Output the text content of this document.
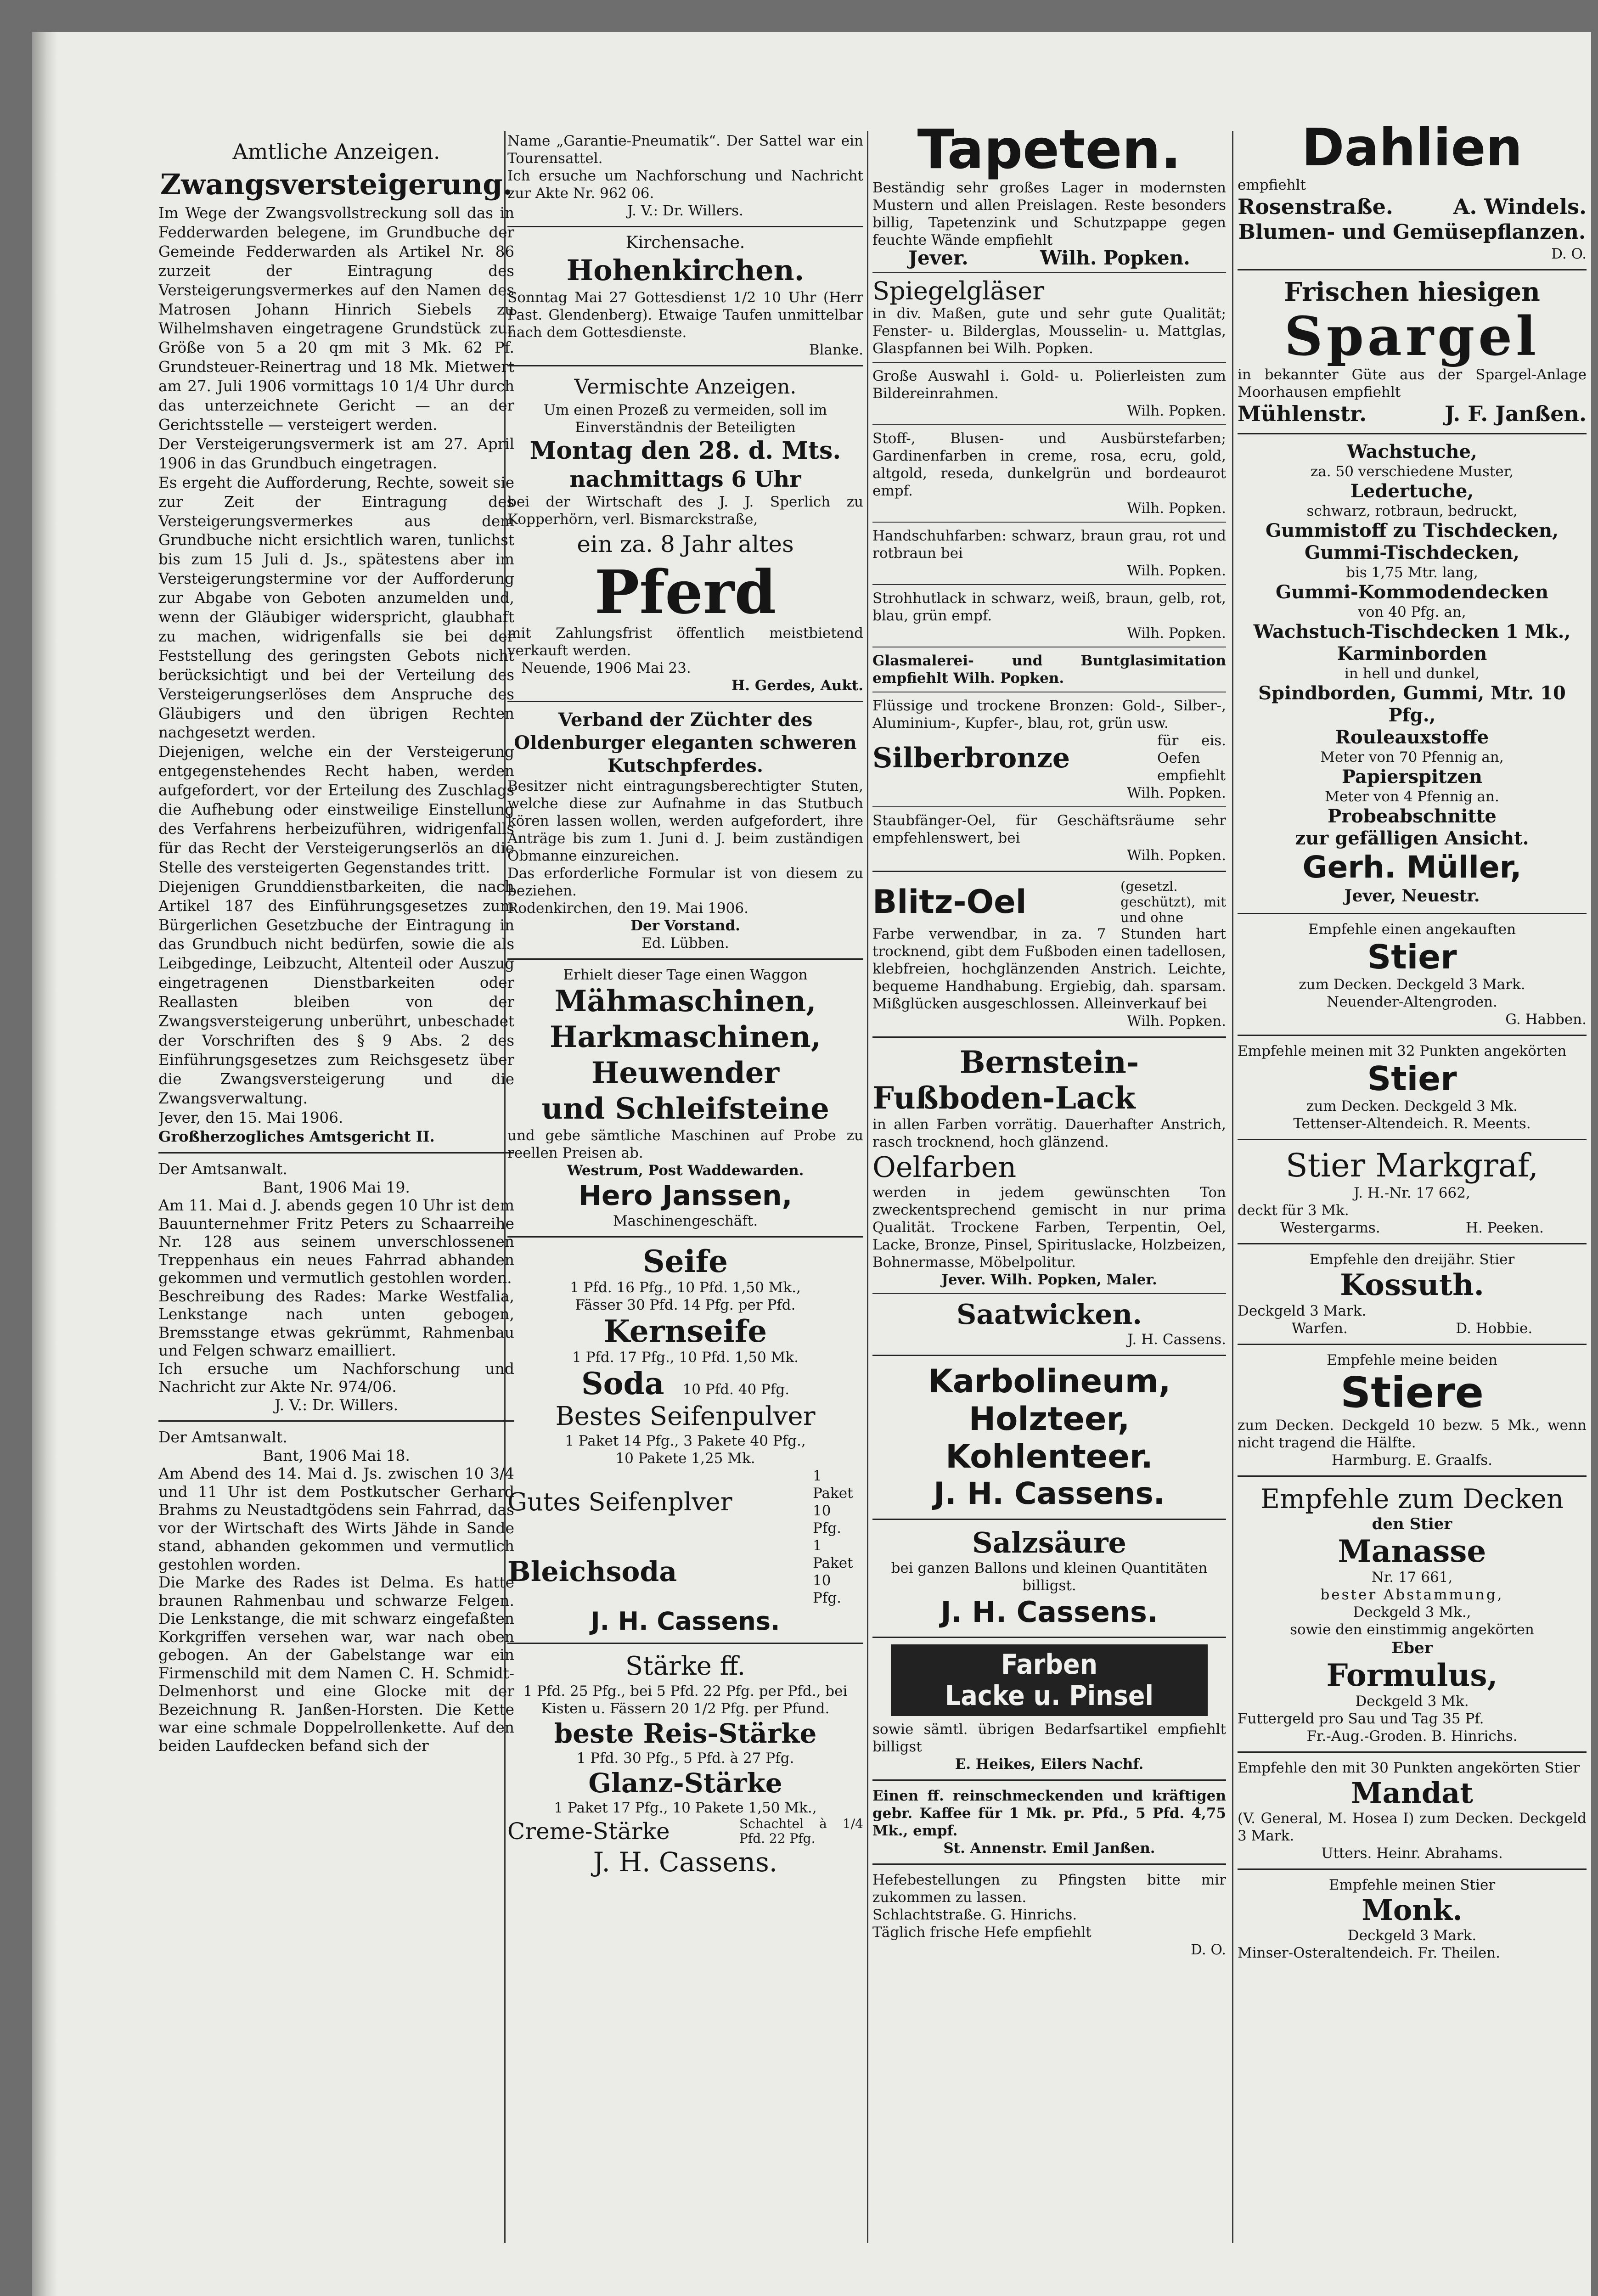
Amtliche Anzeigen.
Zwangsversteigerung.
Im Wege der Zwangsvollstreckung soll das in Fedderwarden belegene, im Grundbuche der Gemeinde Fedderwarden als Artikel Nr. 86 zurzeit der Eintragung des Versteigerungsvermerkes auf den Namen des Matrosen Johann Hinrich Siebels zu Wilhelmshaven eingetragene Grundstück zur Größe von 5 a 20 qm mit 3 Mk. 62 Pf. Grundsteuer-Reinertrag und 18 Mk. Mietwert am 27. Juli 1906 vormittags 10 1/4 Uhr durch das unterzeichnete Gericht — an der Gerichtsstelle — versteigert werden.
Der Versteigerungsvermerk ist am 27. April 1906 in das Grundbuch eingetragen.
Es ergeht die Aufforderung, Rechte, soweit sie zur Zeit der Eintragung des Versteigerungsvermerkes aus dem Grundbuche nicht ersichtlich waren, tunlichst bis zum 15 Juli d. Js., spätestens aber im Versteigerungstermine vor der Aufforderung zur Abgabe von Geboten anzumelden und, wenn der Gläubiger widerspricht, glaubhaft zu machen, widrigenfalls sie bei der Feststellung des geringsten Gebots nicht berücksichtigt und bei der Verteilung des Versteigerungserlöses dem Anspruche des Gläubigers und den übrigen Rechten nachgesetzt werden.
Diejenigen, welche ein der Versteigerung entgegenstehendes Recht haben, werden aufgefordert, vor der Erteilung des Zuschlags die Aufhebung oder einstweilige Einstellung des Verfahrens herbeizuführen, widrigenfalls für das Recht der Versteigerungserlös an die Stelle des versteigerten Gegenstandes tritt.
Diejenigen Grunddienstbarkeiten, die nach Artikel 187 des Einführungsgesetzes zum Bürgerlichen Gesetzbuche der Eintragung in das Grundbuch nicht bedürfen, sowie die als Leibgedinge, Leibzucht, Altenteil oder Auszug eingetragenen Dienstbarkeiten oder Reallasten bleiben von der Zwangsversteigerung unberührt, unbeschadet der Vorschriften des § 9 Abs. 2 des Einführungsgesetzes zum Reichsgesetz über die Zwangsversteigerung und die Zwangsverwaltung.
Jever, den 15. Mai 1906.
Großherzogliches Amtsgericht II.
Der Amtsanwalt.
Bant, 1906 Mai 19.
Am 11. Mai d. J. abends gegen 10 Uhr ist dem Bauunternehmer Fritz Peters zu Schaarreihe Nr. 128 aus seinem unverschlossenen Treppenhaus ein neues Fahrrad abhanden gekommen und vermutlich gestohlen worden.
Beschreibung des Rades: Marke Westfalia, Lenkstange nach unten gebogen, Bremsstange etwas gekrümmt, Rahmenbau und Felgen schwarz emailliert.
Ich ersuche um Nachforschung und Nachricht zur Akte Nr. 974/06.
J. V.: Dr. Willers.
Der Amtsanwalt.
Bant, 1906 Mai 18.
Am Abend des 14. Mai d. Js. zwischen 10 3/4 und 11 Uhr ist dem Postkutscher Gerhard Brahms zu Neustadtgödens sein Fahrrad, das vor der Wirtschaft des Wirts Jähde in Sande stand, abhanden gekommen und vermutlich gestohlen worden.
Die Marke des Rades ist Delma. Es hatte braunen Rahmenbau und schwarze Felgen. Die Lenkstange, die mit schwarz eingefaßten Korkgriffen versehen war, war nach oben gebogen. An der Gabelstange war ein Firmenschild mit dem Namen C. H. Schmidt-Delmenhorst und eine Glocke mit der Bezeichnung R. Janßen-Horsten. Die Kette war eine schmale Doppelrollenkette. Auf den beiden Laufdecken befand sich der
Name „Garantie-Pneumatik“. Der Sattel war ein Tourensattel.
Ich ersuche um Nachforschung und Nachricht zur Akte Nr. 962 06.
J. V.: Dr. Willers.
Kirchensache.
Hohenkirchen.
Sonntag Mai 27 Gottesdienst 1/2 10 Uhr (Herr Past. Glendenberg). Etwaige Taufen unmittelbar nach dem Gottesdienste.
Blanke.
Vermischte Anzeigen.
Um einen Prozeß zu vermeiden, soll im Einverständnis der Beteiligten
Montag den 28. d. Mts.
nachmittags 6 Uhr
bei der Wirtschaft des J. J. Sperlich zu Kopperhörn, verl. Bismarckstraße,
ein za. 8 Jahr altes
Pferd
mit Zahlungsfrist öffentlich meistbietend verkauft werden.
Neuende, 1906 Mai 23.
H. Gerdes, Aukt.
Verband der Züchter des Oldenburger eleganten schweren Kutschpferdes.
Besitzer nicht eintragungsberechtigter Stuten, welche diese zur Aufnahme in das Stutbuch kören lassen wollen, werden aufgefordert, ihre Anträge bis zum 1. Juni d. J. beim zuständigen Obmanne einzureichen.
Das erforderliche Formular ist von diesem zu beziehen.
Rodenkirchen, den 19. Mai 1906.
Der Vorstand.
Ed. Lübben.
Erhielt dieser Tage einen Waggon
Mähmaschinen,
Harkmaschinen,
Heuwender
und Schleifsteine
und gebe sämtliche Maschinen auf Probe zu reellen Preisen ab.
Westrum, Post Waddewarden.
Hero Janssen,
Maschinengeschäft.
Seife
1 Pfd. 16 Pfg., 10 Pfd. 1,50 Mk.,
Fässer 30 Pfd. 14 Pfg. per Pfd.
Kernseife
1 Pfd. 17 Pfg., 10 Pfd. 1,50 Mk.
Soda 10 Pfd. 40 Pfg.
Bestes Seifenpulver
1 Paket 14 Pfg., 3 Pakete 40 Pfg.,
10 Pakete 1,25 Mk.
Gutes Seifenplver
1 Paket 10 Pfg.
Bleichsoda
1 Paket 10 Pfg.
J. H. Cassens.
Stärke ff.
1 Pfd. 25 Pfg., bei 5 Pfd. 22 Pfg. per Pfd., bei Kisten u. Fässern 20 1/2 Pfg. per Pfund.
beste Reis-Stärke
1 Pfd. 30 Pfg., 5 Pfd. à 27 Pfg.
Glanz-Stärke
1 Paket 17 Pfg., 10 Pakete 1,50 Mk.,
Creme-Stärke	Schachtel à 1/4 Pfd. 22 Pfg.
J. H. Cassens.
Tapeten.
Beständig sehr großes Lager in modernsten Mustern und allen Preislagen. Reste besonders billig, Tapetenzink und Schutzpappe gegen feuchte Wände empfiehlt
Jever.	Wilh. Popken.
Spiegelgläser
in div. Maßen, gute und sehr gute Qualität; Fenster- u. Bilderglas, Mousselin- u. Mattglas, Glaspfannen bei Wilh. Popken.
Große Auswahl i. Gold- u. Polierleisten zum Bildereinrahmen.
Wilh. Popken.
Stoff-, Blusen- und Ausbürstefarben; Gardinenfarben in creme, rosa, ecru, gold, altgold, reseda, dunkelgrün und bordeaurot empf.
Wilh. Popken.
Handschuhfarben: schwarz, braun grau, rot und rotbraun bei
Wilh. Popken.
Strohhutlack in schwarz, weiß, braun, gelb, rot, blau, grün empf.
Wilh. Popken.
Glasmalerei- und Buntglasimitation empfiehlt Wilh. Popken.
Flüssige und trockene Bronzen: Gold-, Silber-, Aluminium-, Kupfer-, blau, rot, grün usw.
Silberbronze
für eis. Oefen empfiehlt
Wilh. Popken.
Staubfänger-Oel, für Geschäftsräume sehr empfehlenswert, bei
Wilh. Popken.
Blitz-Oel	(gesetzl. geschützt), mit und ohne
Farbe verwendbar, in za. 7 Stunden hart trocknend, gibt dem Fußboden einen tadellosen, klebfreien, hochglänzenden Anstrich. Leichte, bequeme Handhabung. Ergiebig, dah. sparsam. Mißglücken ausgeschlossen. Alleinverkauf bei
Wilh. Popken.
Bernstein-
Fußboden-Lack
in allen Farben vorrätig. Dauerhafter Anstrich, rasch trocknend, hoch glänzend.
Oelfarben
werden in jedem gewünschten Ton zweckentsprechend gemischt in nur prima Qualität. Trockene Farben, Terpentin, Oel, Lacke, Bronze, Pinsel, Spirituslacke, Holzbeizen, Bohnermasse, Möbelpolitur.
Jever. Wilh. Popken, Maler.
Saatwicken.
J. H. Cassens.
Karbolineum,
Holzteer,
Kohlenteer.
J. H. Cassens.
Salzsäure
bei ganzen Ballons und kleinen Quantitäten billigst.
J. H. Cassens.
Farben
Lacke u. Pinsel
sowie sämtl. übrigen Bedarfsartikel empfiehlt billigst
E. Heikes, Eilers Nachf.
Einen ff. reinschmeckenden und kräftigen gebr. Kaffee für 1 Mk. pr. Pfd., 5 Pfd. 4,75 Mk., empf.
St. Annenstr. Emil Janßen.
Hefebestellungen zu Pfingsten bitte mir zukommen zu lassen.
Schlachtstraße. G. Hinrichs.
Täglich frische Hefe empfiehlt
D. O.
Dahlien
empfiehlt
Rosenstraße.	A. Windels.
Blumen- und Gemüsepflanzen.
D. O.
Frischen hiesigen
Spargel
in bekannter Güte aus der Spargel-Anlage Moorhausen empfiehlt
Mühlenstr.	J. F. Janßen.
Wachstuche,
za. 50 verschiedene Muster,
Ledertuche,
schwarz, rotbraun, bedruckt,
Gummistoff zu Tischdecken,
Gummi-Tischdecken,
bis 1,75 Mtr. lang,
Gummi-Kommodendecken
von 40 Pfg. an,
Wachstuch-Tischdecken 1 Mk.,
Karminborden
in hell und dunkel,
Spindborden, Gummi, Mtr. 10 Pfg.,
Rouleauxstoffe
Meter von 70 Pfennig an,
Papierspitzen
Meter von 4 Pfennig an.
Probeabschnitte
zur gefälligen Ansicht.
Gerh. Müller,
Jever, Neuestr.
Empfehle einen angekauften
Stier
zum Decken. Deckgeld 3 Mark.
Neuender-Altengroden.
G. Habben.
Empfehle meinen mit 32 Punkten angekörten
Stier
zum Decken. Deckgeld 3 Mk.
Tettenser-Altendeich. R. Meents.
Stier Markgraf,
J. H.-Nr. 17 662,
deckt für 3 Mk.
Westergarms.	H. Peeken.
Empfehle den dreijähr. Stier
Kossuth.
Deckgeld 3 Mark.
Warfen.	D. Hobbie.
Empfehle meine beiden
Stiere
zum Decken. Deckgeld 10 bezw. 5 Mk., wenn nicht tragend die Hälfte.
Harmburg. E. Graalfs.
Empfehle zum Decken
den Stier
Manasse
Nr. 17 661,
bester Abstammung,
Deckgeld 3 Mk.,
sowie den einstimmig angekörten
Eber
Formulus,
Deckgeld 3 Mk.
Futtergeld pro Sau und Tag 35 Pf.
Fr.-Aug.-Groden. B. Hinrichs.
Empfehle den mit 30 Punkten angekörten Stier
Mandat
(V. General, M. Hosea I) zum Decken. Deckgeld 3 Mark.
Utters. Heinr. Abrahams.
Empfehle meinen Stier
Monk.
Deckgeld 3 Mark.
Minser-Osteraltendeich. Fr. Theilen.
